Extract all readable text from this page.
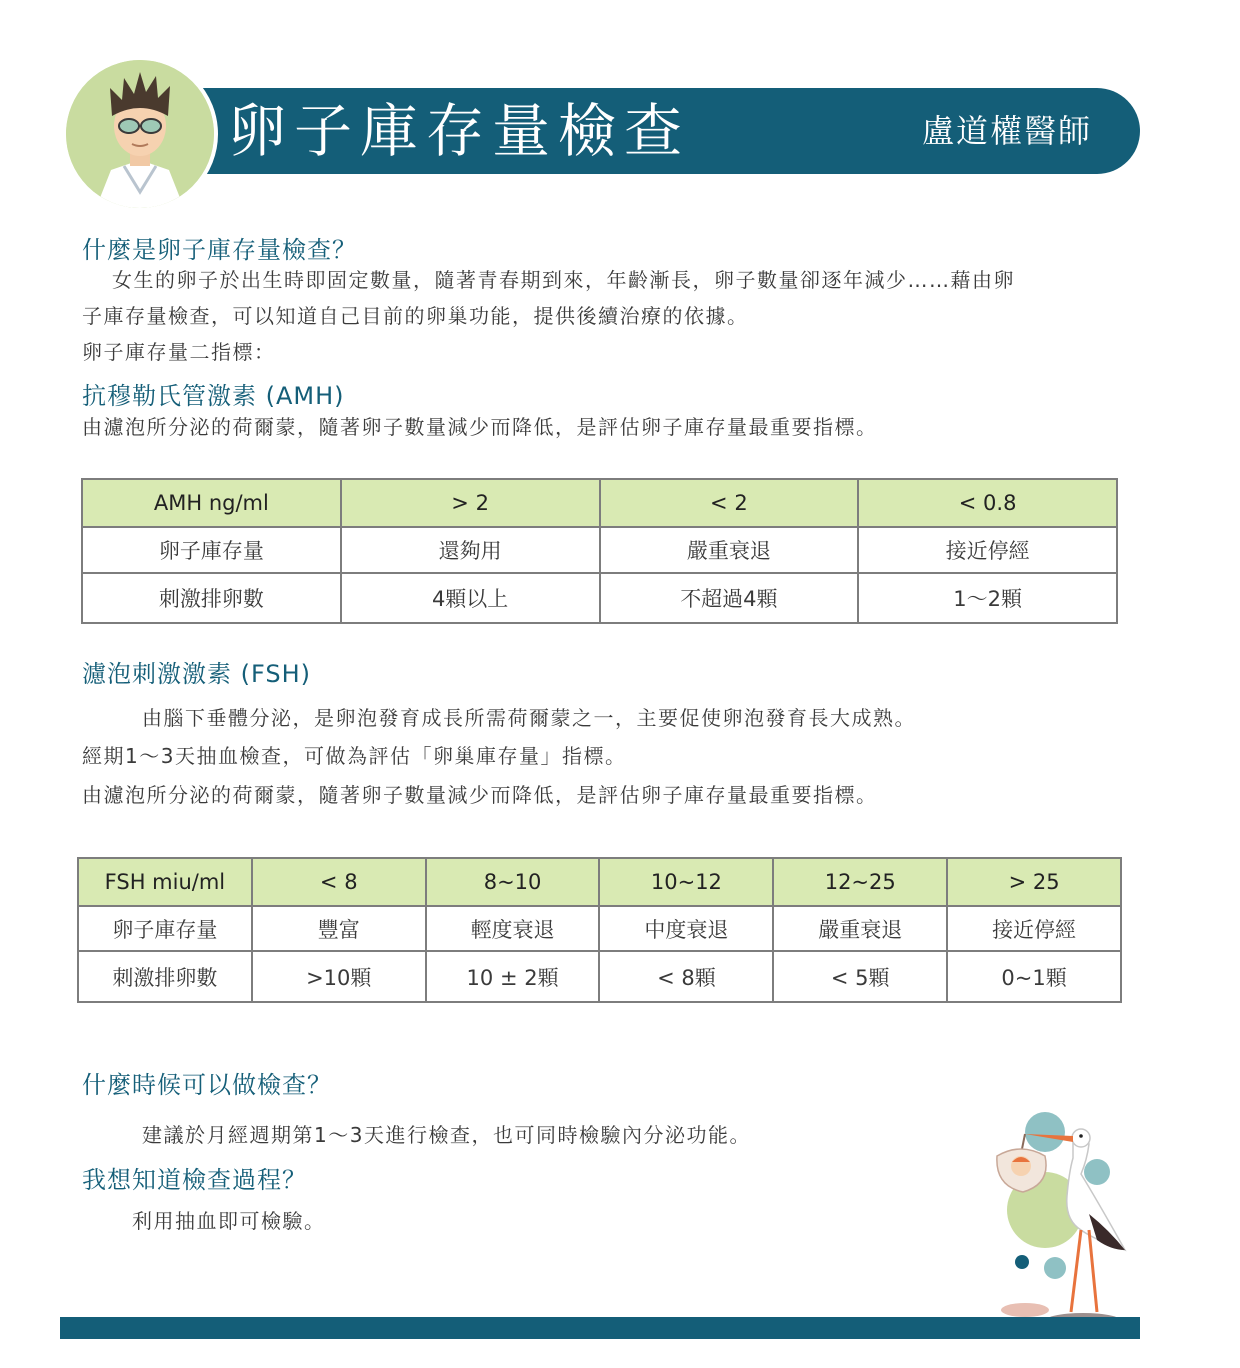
卵子庫存量檢查	盧道權醫師
什麼是卵子庫存量檢查？
女生的卵子於出生時即固定數量，隨著青春期到來，年齡漸長，卵子數量卻逐年減少……藉由卵
子庫存量檢查，可以知道自己目前的卵巢功能，提供後續治療的依據。
卵子庫存量二指標：
抗穆勒氏管激素 (AMH)
由濾泡所分泌的荷爾蒙，隨著卵子數量減少而降低，是評估卵子庫存量最重要指標。
AMH ng/ml	> 2	< 2	< 0.8
卵子庫存量	還夠用	嚴重衰退	接近停經
刺激排卵數	4顆以上	不超過4顆	1～2顆
濾泡刺激激素 (FSH)
由腦下垂體分泌，是卵泡發育成長所需荷爾蒙之一，主要促使卵泡發育長大成熟。
經期1～3天抽血檢查，可做為評估「卵巢庫存量」指標。
由濾泡所分泌的荷爾蒙，隨著卵子數量減少而降低，是評估卵子庫存量最重要指標。
FSH miu/ml	< 8	8~10	10~12	12~25	> 25
卵子庫存量	豐富	輕度衰退	中度衰退	嚴重衰退	接近停經
刺激排卵數	>10顆	10 ± 2顆	< 8顆	< 5顆	0~1顆
什麼時候可以做檢查？
建議於月經週期第1～3天進行檢查，也可同時檢驗內分泌功能。
我想知道檢查過程？
利用抽血即可檢驗。
